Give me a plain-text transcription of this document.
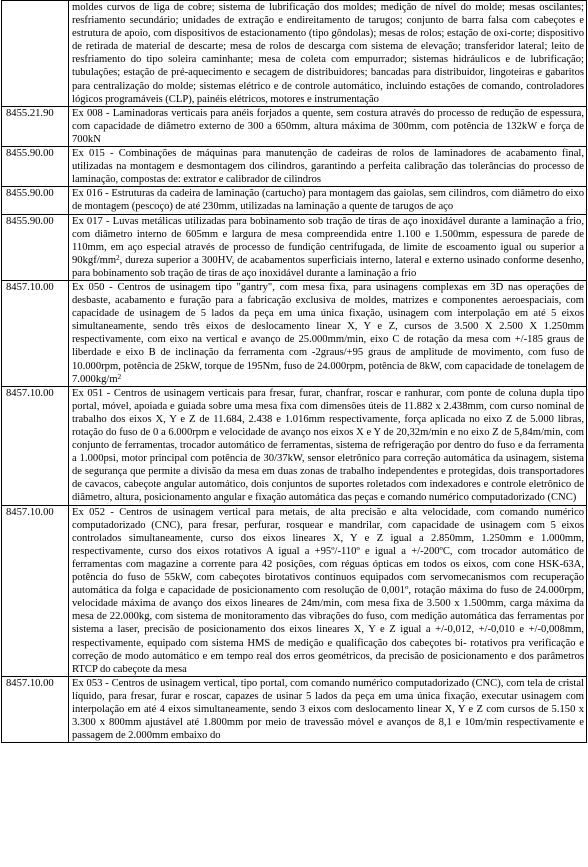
	moldes curvos de liga de cobre; sistema de lubrificação dos moldes; medição de nível do molde; mesas oscilantes; resfriamento secundário; unidades de extração e endireitamento de tarugos; conjunto de barra falsa com cabeçotes e estrutura de apoio, com dispositivos de estacionamento (tipo gôndolas); mesas de rolos; estação de oxi-corte; dispositivo de retirada de material de descarte; mesa de rolos de descarga com sistema de elevação; transferidor lateral; leito de resfriamento do tipo soleira caminhante; mesa de coleta com empurrador; sistemas hidráulicos e de lubrificação; tubulações; estação de pré-aquecimento e secagem de distribuidores; bancadas para distribuidor, lingoteiras e gabaritos para centralização do molde; sistemas elétrico e de controle automático, incluindo estações de comando, controladores lógicos programáveis (CLP), painéis elétricos, motores e instrumentação
8455.21.90	Ex 008 - Laminadoras verticais para anéis forjados a quente, sem costura através do processo de redução de espessura, com capacidade de diâmetro externo de 300 a 650mm, altura máxima de 300mm, com potência de 132kW e força de 700kN
8455.90.00	Ex 015 - Combinações de máquinas para manutenção de cadeiras de rolos de laminadores de acabamento final, utilizadas na montagem e desmontagem dos cilindros, garantindo a perfeita calibração das tolerâncias do processo de laminação, compostas de: extrator e calibrador de cilindros
8455.90.00	Ex 016 - Estruturas da cadeira de laminação (cartucho) para montagem das gaiolas, sem cilindros, com diâmetro do eixo de montagem (pescoço) de até 230mm, utilizadas na laminação a quente de tarugos de aço
8455.90.00	Ex 017 - Luvas metálicas utilizadas para bobinamento sob tração de tiras de aço inoxidável durante a laminação a frio, com diâmetro interno de 605mm e largura de mesa compreendida entre 1.100 e 1.500mm, espessura de parede de 110mm, em aço especial através de processo de fundição centrifugada, de limite de escoamento igual ou superior a $90kgf/mm^2$, dureza superior a 300HV, de acabamentos superficiais interno, lateral e externo usinado conforme desenho, para bobinamento sob tração de tiras de aço inoxidável durante a laminação a frio
8457.10.00	Ex 050 - Centros de usinagem tipo "gantry", com mesa fixa, para usinagens complexas em 3D nas operações de desbaste, acabamento e furação para a fabricação exclusiva de moldes, matrizes e componentes aeroespaciais, com capacidade de usinagem de 5 lados da peça em uma única fixação, usinagem com interpolação em até 5 eixos simultaneamente, sendo três eixos de deslocamento linear X, Y e Z, cursos de 3.500 X 2.500 X 1.250mm respectivamente, com eixo na vertical e avanço de 25.000mm/min, eixo C de rotação da mesa com +/-185 graus de liberdade e eixo B de inclinação da ferramenta com -2graus/+95 graus de amplitude de movimento, com fuso de 10.000rpm, potência de 25kW, torque de 195Nm, fuso de 24.000rpm, potência de 8kW, com capacidade de tonelagem de $7.000kg/m^2$
8457.10.00	Ex 051 - Centros de usinagem verticais para fresar, furar, chanfrar, roscar e ranhurar, com ponte de coluna dupla tipo portal, móvel, apoiada e guiada sobre uma mesa fixa com dimensões úteis de 11.882 x 2.438mm, com curso nominal de trabalho dos eixos X, Y e Z de 11.684, 2.438 e 1.016mm respectivamente, força aplicada no eixo Z de 5.000 libras, rotação do fuso de 0 a 6.000rpm e velocidade de avanço nos eixos X e Y de 20,32m/min e no eixo Z de 5,84m/min, com conjunto de ferramentas, trocador automático de ferramentas, sistema de refrigeração por dentro do fuso e da ferramenta a 1.000psi, motor principal com potência de 30/37kW, sensor eletrônico para correção automática da usinagem, sistema de segurança que permite a divisão da mesa em duas zonas de trabalho independentes e protegidas, dois transportadores de cavacos, cabeçote angular automático, dois conjuntos de suportes roletados com indexadores e controle eletrônico de diâmetro, altura, posicionamento angular e fixação automática das peças e comando numérico computadorizado (CNC)
8457.10.00	Ex 052 - Centros de usinagem vertical para metais, de alta precisão e alta velocidade, com comando numérico computadorizado (CNC), para fresar, perfurar, rosquear e mandrilar, com capacidade de usinagem com 5 eixos controlados simultaneamente, curso dos eixos lineares X, Y e Z igual a 2.850mm, 1.250mm e 1.000mm, respectivamente, curso dos eixos rotativos A igual a +95º/-110º e igual a +/-200ºC, com trocador automático de ferramentas com magazine a corrente para 42 posições, com réguas ópticas em todos os eixos, com cone HSK-63A, potência do fuso de 55kW, com cabeçotes birotativos contínuos equipados com servomecanismos com recuperação automática da folga e capacidade de posicionamento com resolução de 0,001º, rotação máxima do fuso de 24.000rpm, velocidade máxima de avanço dos eixos lineares de 24m/min, com mesa fixa de 3.500 x 1.500mm, carga máxima da mesa de 22.000kg, com sistema de monitoramento das vibrações do fuso, com medição automática das ferramentas por sistema a laser, precisão de posicionamento dos eixos lineares X, Y e Z igual a +/-0,012, +/-0,010 e +/-0,008mm, respectivamente, equipado com sistema HMS de medição e qualificação dos cabeçotes bi- rotativos pra verificação e correção de modo automático e em tempo real dos erros geométricos, da precisão de posicionamento e dos parâmetros RTCP do cabeçote da mesa
8457.10.00	Ex 053 - Centros de usinagem vertical, tipo portal, com comando numérico computadorizado (CNC), com tela de cristal líquido, para fresar, furar e roscar, capazes de usinar 5 lados da peça em uma única fixação, executar usinagem com interpolação em até 4 eixos simultaneamente, sendo 3 eixos com deslocamento linear X, Y e Z com cursos de 5.150 x 3.300 x 800mm ajustável até 1.800mm por meio de travessão móvel e avanços de 8,1 e 10m/min respectivamente e passagem de 2.000mm embaixo do
